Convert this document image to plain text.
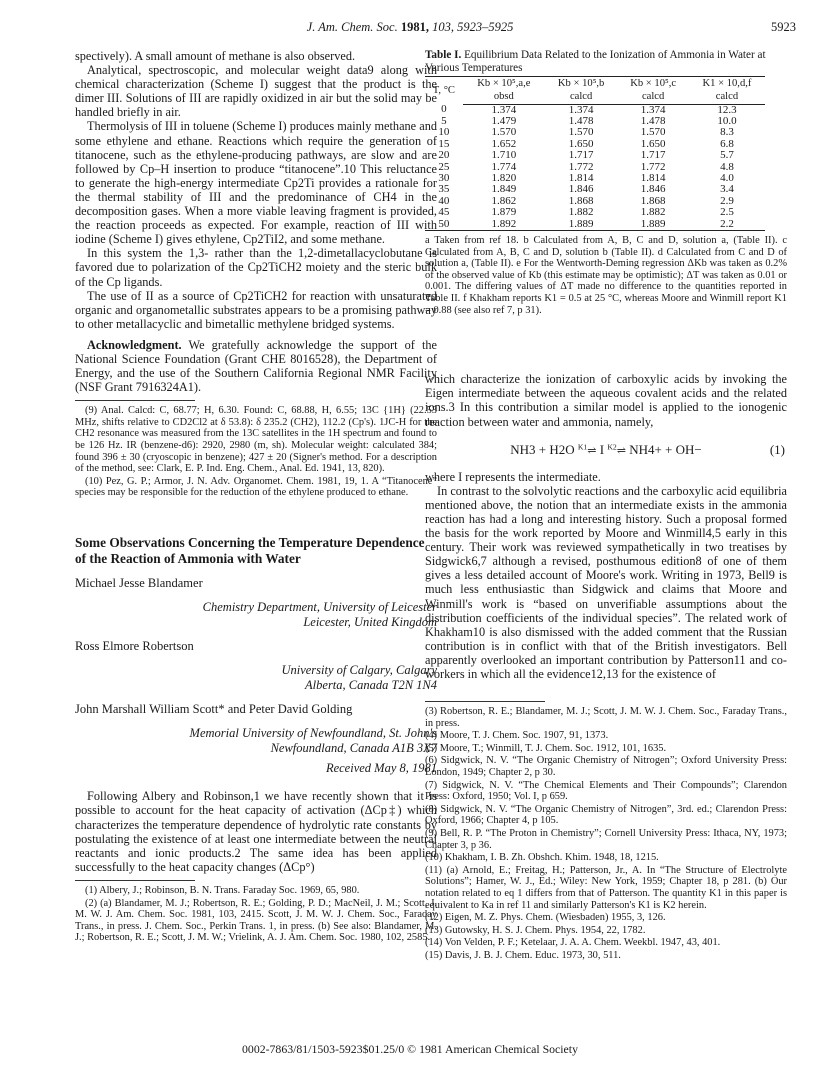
J. Am. Chem. Soc. 1981, 103, 5923–5925	5923

spectively). A small amount of methane is also observed.

Analytical, spectroscopic, and molecular weight data9 along with chemical characterization (Scheme I) suggest that the product is the dimer III. Solutions of III are rapidly oxidized in air but the solid may be handled briefly in air.

Thermolysis of III in toluene (Scheme I) produces mainly methane and some ethylene and ethane. Reactions which require the generation of titanocene, such as the ethylene-producing pathways, are slow and are followed by Cp–H insertion to produce “titanocene”.10 This reluctance to generate the high-energy intermediate Cp2Ti provides a rationale for the thermal stability of III and the predominance of CH4 in the decomposition gases. When a more viable leaving fragment is provided, the reaction proceeds as expected. For example, reaction of III with iodine (Scheme I) gives ethylene, Cp2TiI2, and some methane.

In this system the 1,3- rather than the 1,2-dimetallacyclobutane is favored due to polarization of the Cp2TiCH2 moiety and the steric bulk of the Cp ligands.

The use of II as a source of Cp2TiCH2 for reaction with unsaturated organic and organometallic substrates appears to be a promising pathway to other metallacyclic and bimetallic methylene bridged systems.

Acknowledgment. We gratefully acknowledge the support of the National Science Foundation (Grant CHE 8016528), the Department of Energy, and the use of the Southern California Regional NMR Facility (NSF Grant 7916324A1).

(9) Anal. Calcd: C, 68.77; H, 6.30. Found: C, 68.88, H, 6.55; 13C {1H} (22.53 MHz, shifts relative to CD2Cl2 at δ 53.8): δ 235.2 (CH2), 112.2 (Cp's). 1JC-H for the CH2 resonance was measured from the 13C satellites in the 1H spectrum and found to be 126 Hz. IR (benzene-d6): 2920, 2980 (m, sh). Molecular weight: calculated 384; found 396 ± 30 (cryoscopic in benzene); 427 ± 20 (Signer's method. For a description of the method, see: Clark, E. P. Ind. Eng. Chem., Anal. Ed. 1941, 13, 820).

(10) Pez, G. P.; Armor, J. N. Adv. Organomet. Chem. 1981, 19, 1. A “Titanocene” species may be responsible for the reduction of the ethylene produced to ethane.

Some Observations Concerning the Temperature Dependence of the Reaction of Ammonia with Water
Michael Jesse Blandamer
Chemistry Department, University of Leicester
Leicester, United Kingdom
Ross Elmore Robertson
University of Calgary, Calgary
Alberta, Canada T2N 1N4
John Marshall William Scott* and Peter David Golding
Memorial University of Newfoundland, St. John's
Newfoundland, Canada A1B 3X7
Received May 8, 1981

Following Albery and Robinson,1 we have recently shown that it is possible to account for the heat capacity of activation (ΔCp‡) which characterizes the temperature dependence of hydrolytic rate constants by postulating the existence of at least one intermediate between the neutral reactants and ionic products.2 The same idea has been applied successfully to the heat capacity changes (ΔCp°)

(1) Albery, J.; Robinson, B. N. Trans. Faraday Soc. 1969, 65, 980.

(2) (a) Blandamer, M. J.; Robertson, R. E.; Golding, P. D.; MacNeil, J. M.; Scott, J. M. W. J. Am. Chem. Soc. 1981, 103, 2415. Scott, J. M. W. J. Chem. Soc., Faraday Trans., in press. J. Chem. Soc., Perkin Trans. 1, in press. (b) See also: Blandamer, M. J.; Robertson, R. E.; Scott, J. M. W.; Vrielink, A. J. Am. Chem. Soc. 1980, 102, 2585.

Table I. Equilibrium Data Related to the Ionization of Ammonia in Water at Various Temperatures
T, °C	Kb × 10⁵,a,e	Kb × 10⁵,b	Kb × 10⁵,c	K1 × 10,d,f
	obsd	calcd	calcd	calcd
0	1.374	1.374	1.374	12.3
5	1.479	1.478	1.478	10.0
10	1.570	1.570	1.570	8.3
15	1.652	1.650	1.650	6.8
20	1.710	1.717	1.717	5.7
25	1.774	1.772	1.772	4.8
30	1.820	1.814	1.814	4.0
35	1.849	1.846	1.846	3.4
40	1.862	1.868	1.868	2.9
45	1.879	1.882	1.882	2.5
50	1.892	1.889	1.889	2.2
a Taken from ref 18. b Calculated from A, B, C and D, solution a, (Table II). c Calculated from A, B, C and D, solution b (Table II). d Calculated from C and D of solution a, (Table II). e For the Wentworth-Deming regression ΔKb was taken as 0.2% of the observed value of Kb (this estimate may be optimistic); ΔT was taken as 0.01 or 0.001. The differing values of ΔT made no difference to the quantities reported in Table II. f Khakham reports K1 = 0.5 at 25 °C, whereas Moore and Winmill report K1 = 0.88 (see also ref 7, p 31).

which characterize the ionization of carboxylic acids by invoking the Eigen intermediate between the aqueous covalent acids and the related ions.3 In this contribution a similar model is applied to the ionogenic reaction between water and ammonia, namely,

NH3 + H2O $^{K1}$⇌ I $^{K2}$⇌ NH4+ + OH−	(1)

where I represents the intermediate.

In contrast to the solvolytic reactions and the carboxylic acid equilibria mentioned above, the notion that an intermediate exists in the ammonia reaction has had a long and interesting history. Such a proposal formed the basis for the work reported by Moore and Winmill4,5 early in this century. Their work was reviewed sympathetically in two treatises by Sidgwick6,7 although a revised, posthumous edition8 of one of them gives a less detailed account of Moore's work. Writing in 1973, Bell9 is much less enthusiastic than Sidgwick and claims that Moore and Winmill's work is “based on unverifiable assumptions about the distribution coefficients of the individual species”. The related work of Khakham10 is also dismissed with the added comment that the Russian contribution is in conflict with that of the British investigators. Bell apparently overlooked an important contribution by Patterson11 and co-workers in which all the evidence12,13 for the existence of

(3) Robertson, R. E.; Blandamer, M. J.; Scott, J. M. W. J. Chem. Soc., Faraday Trans., in press.

(4) Moore, T. J. Chem. Soc. 1907, 91, 1373.

(5) Moore, T.; Winmill, T. J. Chem. Soc. 1912, 101, 1635.

(6) Sidgwick, N. V. “The Organic Chemistry of Nitrogen”; Oxford University Press: London, 1949; Chapter 2, p 30.

(7) Sidgwick, N. V. “The Chemical Elements and Their Compounds”; Clarendon Press: Oxford, 1950; Vol. I, p 659.

(8) Sidgwick, N. V. “The Organic Chemistry of Nitrogen”, 3rd. ed.; Clarendon Press: Oxford, 1966; Chapter 4, p 105.

(9) Bell, R. P. “The Proton in Chemistry”; Cornell University Press: Ithaca, NY, 1973; Chapter 3, p 36.

(10) Khakham, I. B. Zh. Obshch. Khim. 1948, 18, 1215.

(11) (a) Arnold, E.; Freitag, H.; Patterson, Jr., A. In “The Structure of Electrolyte Solutions”; Hamer, W. J., Ed.; Wiley: New York, 1959; Chapter 18, p 281. (b) Our notation related to eq 1 differs from that of Patterson. The quantity K1 in this paper is equivalent to Ka in ref 11 and similarly Patterson's K1 is K2 herein.

(12) Eigen, M. Z. Phys. Chem. (Wiesbaden) 1955, 3, 126.

(13) Gutowsky, H. S. J. Chem. Phys. 1954, 22, 1782.

(14) Von Velden, P. F.; Ketelaar, J. A. A. Chem. Weekbl. 1947, 43, 401.

(15) Davis, J. B. J. Chem. Educ. 1973, 30, 511.

0002-7863/81/1503-5923$01.25/0 © 1981 American Chemical Society
